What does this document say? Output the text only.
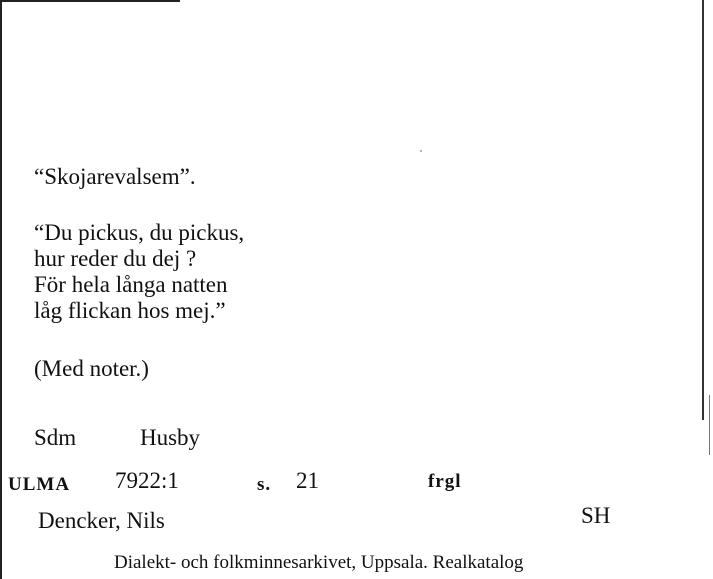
“Skojarevalsem”.
“Du pickus, du pickus,
hur reder du dej ?
För hela långa natten
låg flickan hos mej.”
(Med noter.)
Sdm	Husby
ULMA 7922:1	s. 21	frgl
Dencker, Nils	SH
Dialekt- och folkminnesarkivet, Uppsala. Realkatalog
